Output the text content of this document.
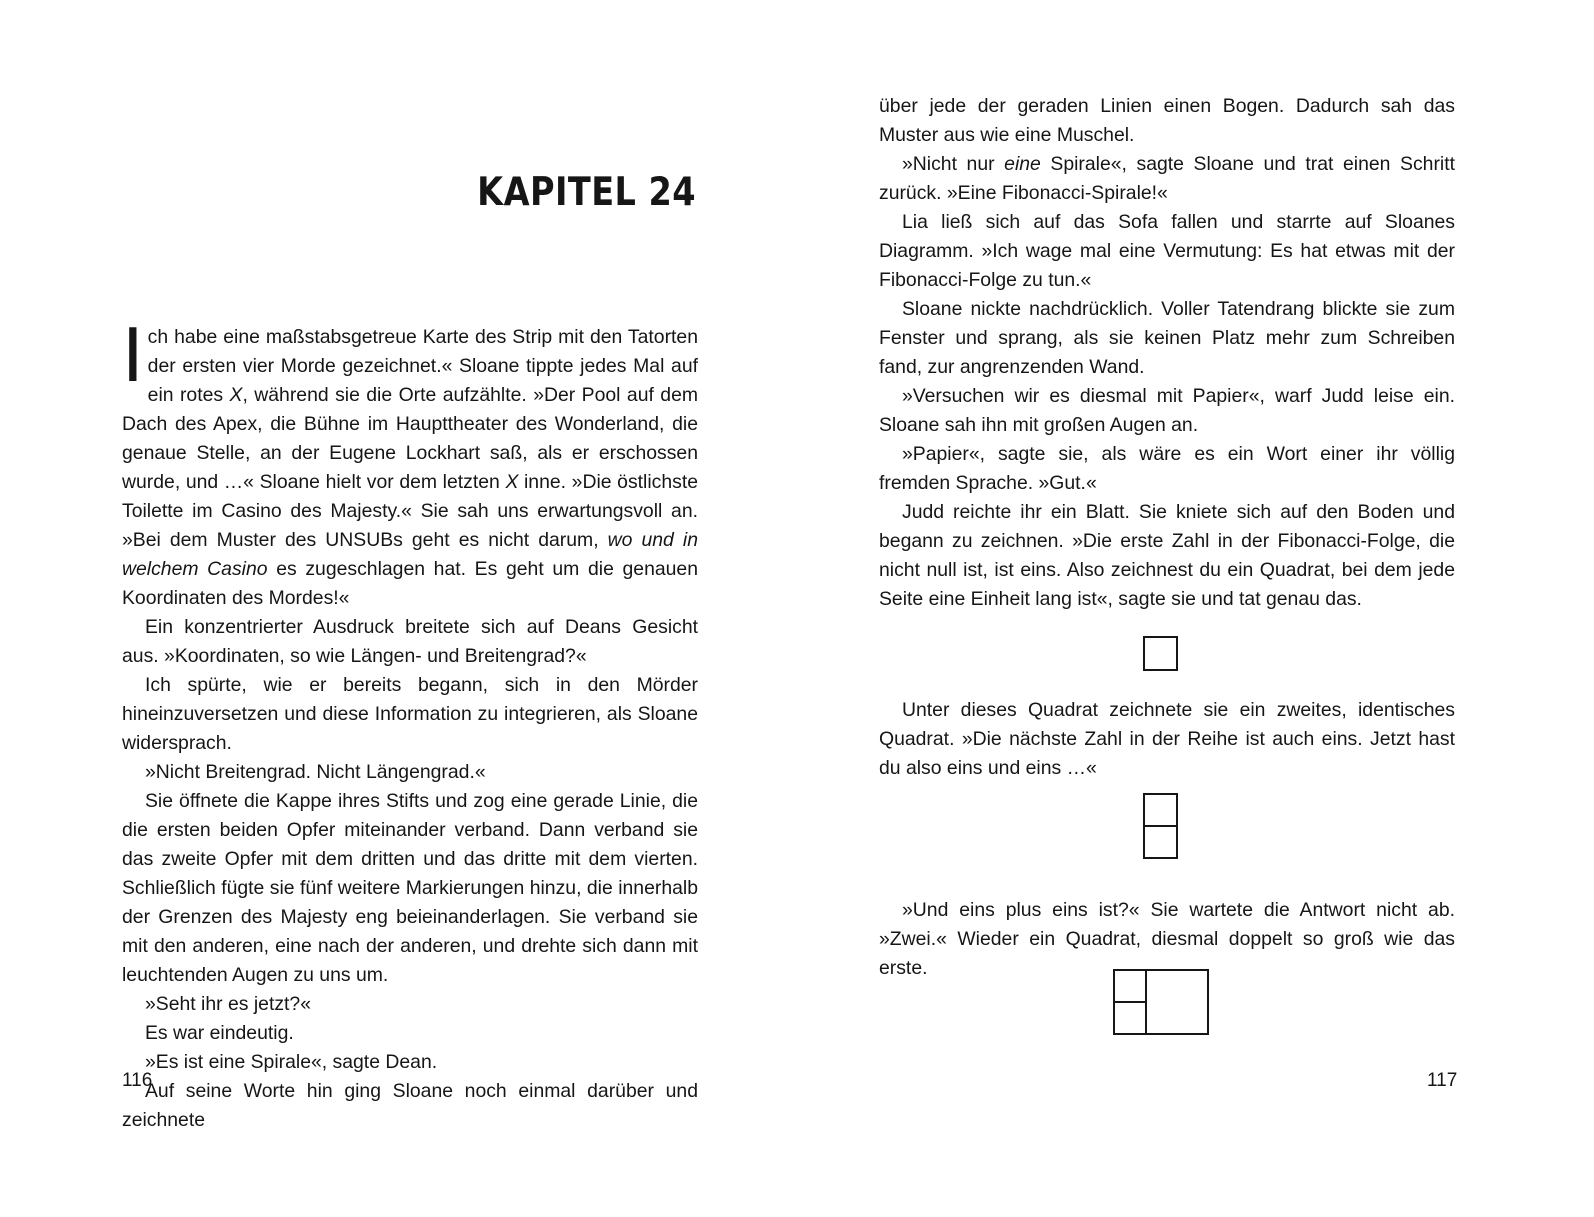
KAPITEL 24

Ich habe eine maßstabsgetreue Karte des Strip mit den Tatorten der ersten vier Morde gezeichnet.« Sloane tippte jedes Mal auf ein rotes X, während sie die Orte aufzählte. »Der Pool auf dem Dach des Apex, die Bühne im Haupttheater des Wonderland, die genaue Stelle, an der Eugene Lockhart saß, als er erschossen wurde, und …« Sloane hielt vor dem letzten X inne. »Die östlichste Toilette im Casino des Majesty.« Sie sah uns erwartungsvoll an. »Bei dem Muster des UNSUBs geht es nicht darum, wo und in welchem Casino es zugeschlagen hat. Es geht um die genauen Koordinaten des Mordes!«

Ein konzentrierter Ausdruck breitete sich auf Deans Gesicht aus. »Koordinaten, so wie Längen- und Breitengrad?«

Ich spürte, wie er bereits begann, sich in den Mörder hineinzuversetzen und diese Information zu integrieren, als Sloane widersprach.

»Nicht Breitengrad. Nicht Längengrad.«

Sie öffnete die Kappe ihres Stifts und zog eine gerade Linie, die die ersten beiden Opfer miteinander verband. Dann verband sie das zweite Opfer mit dem dritten und das dritte mit dem vierten. Schließlich fügte sie fünf weitere Markierungen hinzu, die innerhalb der Grenzen des Majesty eng beieinanderlagen. Sie verband sie mit den anderen, eine nach der anderen, und drehte sich dann mit leuchtenden Augen zu uns um.

»Seht ihr es jetzt?«

Es war eindeutig.

»Es ist eine Spirale«, sagte Dean.

Auf seine Worte hin ging Sloane noch einmal darüber und zeichnete

116

über jede der geraden Linien einen Bogen. Dadurch sah das Muster aus wie eine Muschel.

»Nicht nur eine Spirale«, sagte Sloane und trat einen Schritt zurück. »Eine Fibonacci-Spirale!«

Lia ließ sich auf das Sofa fallen und starrte auf Sloanes Diagramm. »Ich wage mal eine Vermutung: Es hat etwas mit der Fibonacci-Folge zu tun.«

Sloane nickte nachdrücklich. Voller Tatendrang blickte sie zum Fenster und sprang, als sie keinen Platz mehr zum Schreiben fand, zur angrenzenden Wand.

»Versuchen wir es diesmal mit Papier«, warf Judd leise ein. Sloane sah ihn mit großen Augen an.

»Papier«, sagte sie, als wäre es ein Wort einer ihr völlig fremden Sprache. »Gut.«

Judd reichte ihr ein Blatt. Sie kniete sich auf den Boden und begann zu zeichnen. »Die erste Zahl in der Fibonacci-Folge, die nicht null ist, ist eins. Also zeichnest du ein Quadrat, bei dem jede Seite eine Einheit lang ist«, sagte sie und tat genau das.

Unter dieses Quadrat zeichnete sie ein zweites, identisches Quadrat. »Die nächste Zahl in der Reihe ist auch eins. Jetzt hast du also eins und eins …«

»Und eins plus eins ist?« Sie wartete die Antwort nicht ab. »Zwei.« Wieder ein Quadrat, diesmal doppelt so groß wie das erste.

117
